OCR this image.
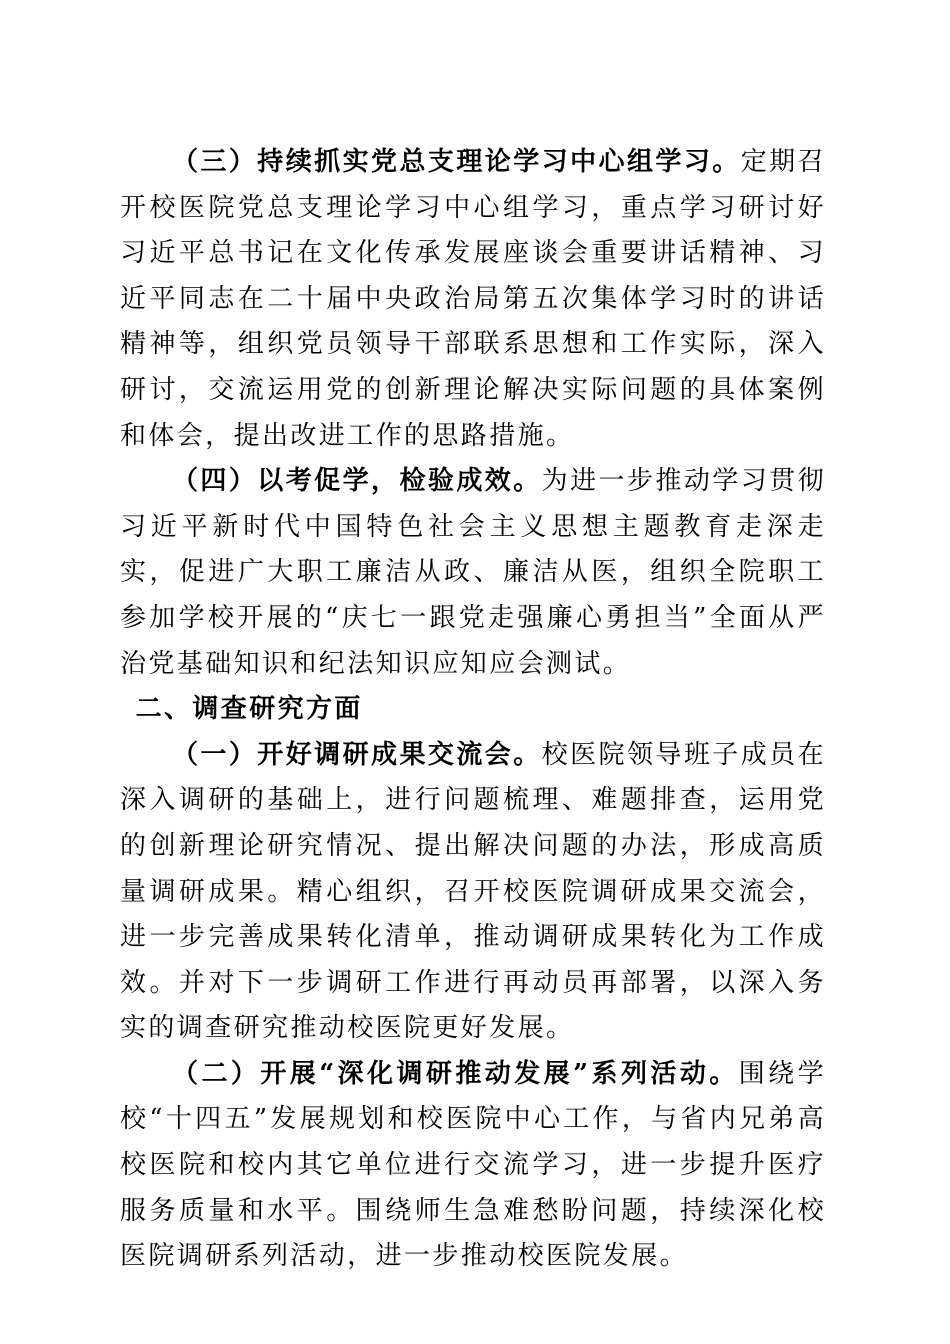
（三）持续抓实党总支理论学习中心组学习。定期召开校医院党总支理论学习中心组学习，重点学习研讨好习近平总书记在文化传承发展座谈会重要讲话精神、习近平同志在二十届中央政治局第五次集体学习时的讲话精神等，组织党员领导干部联系思想和工作实际，深入研讨，交流运用党的创新理论解决实际问题的具体案例和体会，提出改进工作的思路措施。

（四）以考促学，检验成效。为进一步推动学习贯彻习近平新时代中国特色社会主义思想主题教育走深走实，促进广大职工廉洁从政、廉洁从医，组织全院职工参加学校开展的“庆七一跟党走强廉心勇担当”全面从严治党基础知识和纪法知识应知应会测试。

二、调查研究方面

（一）开好调研成果交流会。校医院领导班子成员在深入调研的基础上，进行问题梳理、难题排查，运用党的创新理论研究情况、提出解决问题的办法，形成高质量调研成果。精心组织，召开校医院调研成果交流会，进一步完善成果转化清单，推动调研成果转化为工作成效。并对下一步调研工作进行再动员再部署，以深入务实的调查研究推动校医院更好发展。

（二）开展“深化调研推动发展”系列活动。围绕学校“十四五”发展规划和校医院中心工作，与省内兄弟高校医院和校内其它单位进行交流学习，进一步提升医疗服务质量和水平。围绕师生急难愁盼问题，持续深化校医院调研系列活动，进一步推动校医院发展。
